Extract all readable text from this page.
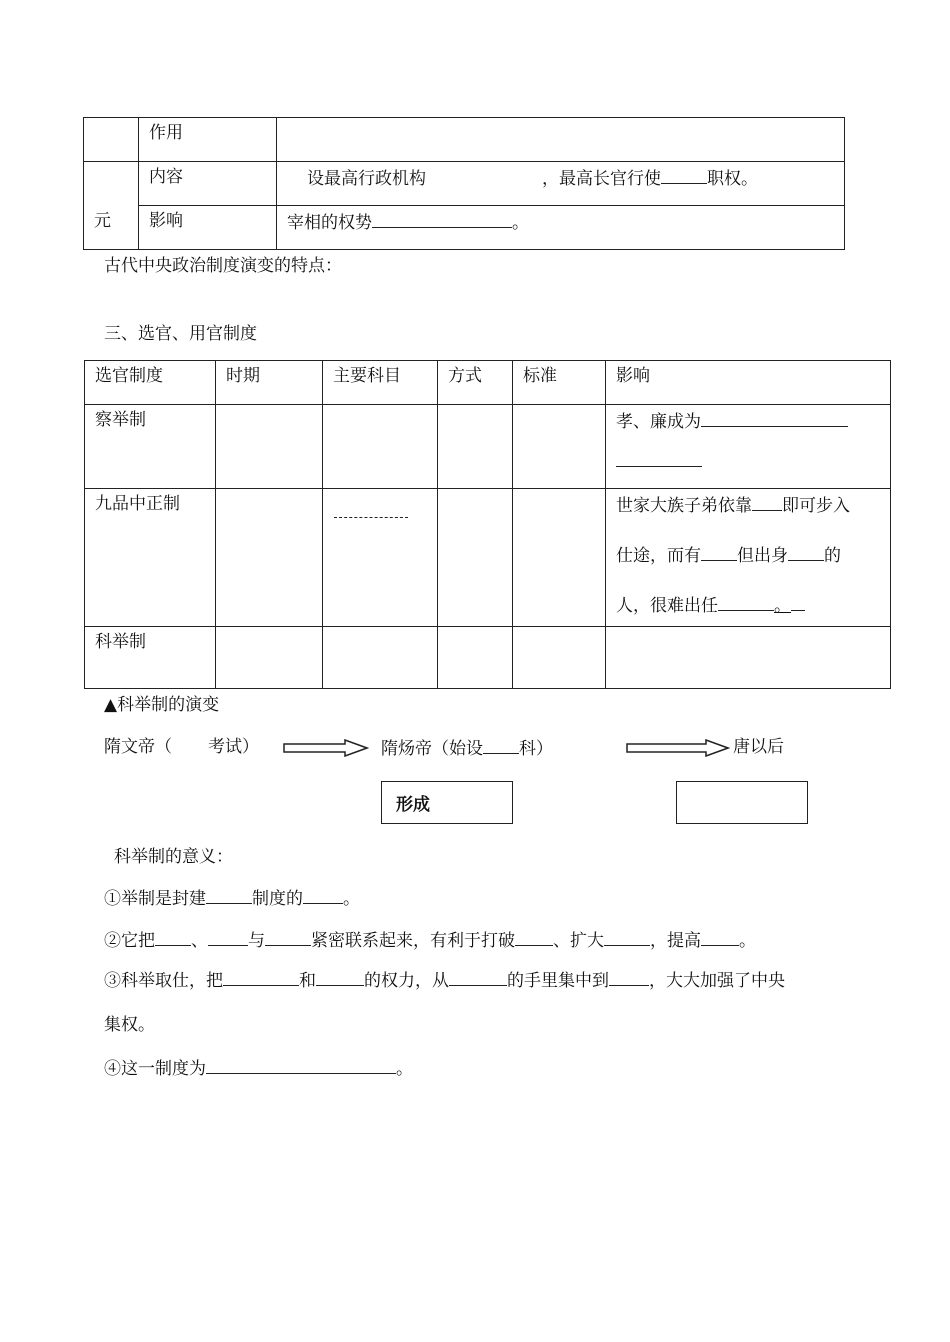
	作用	

元	内容	设最高行政机构 ，最高长官行使 职权。

	影响	宰相的权势 。
古代中央政治制度演变的特点：
三、选官、用官制度
选官制度	时期	主要科目	方式	标准	影响

察举制					孝、廉成为

九品中正制					世家大族子弟依靠 即可步入
仕途，而有 但出身 的
人，很难出任 。

科举制					

▲科举制的演变
隋文帝（ 考试）	隋炀帝（始设 科）	唐以后
形成
科举制的意义：
①举制是封建	制度的 。
②它把 、 与	紧密联系起来，有利于打破 、扩大	，提高 。
③科举取仕，把	和	的权力，从	的手里集中到 ，大大加强了中央
集权。
④这一制度为	。
